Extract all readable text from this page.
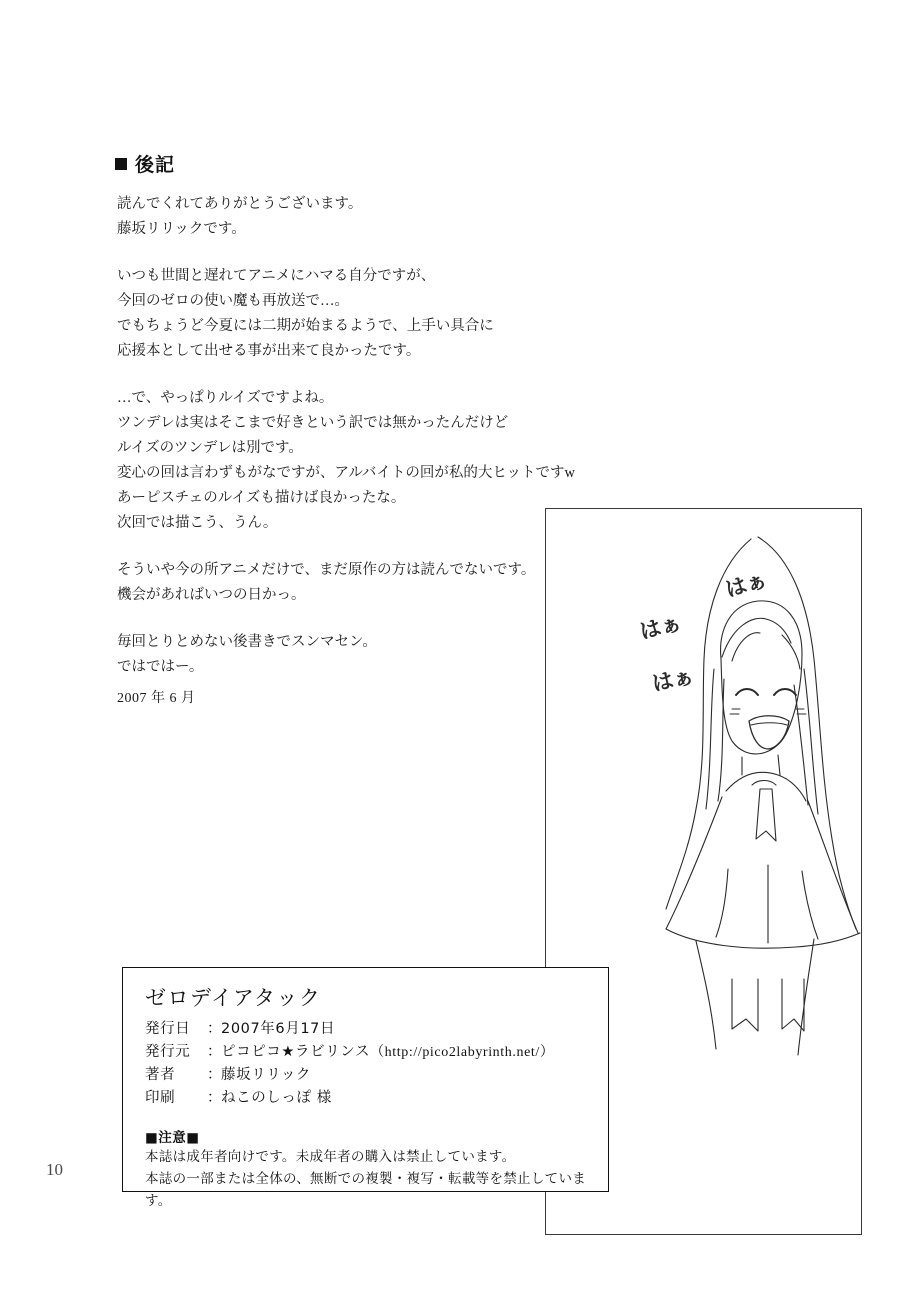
後記
読んでくれてありがとうございます。
藤坂リリックです。
いつも世間と遅れてアニメにハマる自分ですが、
今回のゼロの使い魔も再放送で…。
でもちょうど今夏には二期が始まるようで、上手い具合に
応援本として出せる事が出来て良かったです。
…で、やっぱりルイズですよね。
ツンデレは実はそこまで好きという訳では無かったんだけど
ルイズのツンデレは別です。
変心の回は言わずもがなですが、アルバイトの回が私的大ヒットですw
あーピスチェのルイズも描けば良かったな。
次回では描こう、うん。
そういや今の所アニメだけで、まだ原作の方は読んでないです。
機会があればいつの日かっ。
毎回とりとめない後書きでスンマセン。
ではではー。
2007 年 6 月
はぁ
はぁ
はぁ
ゼロデイアタック
発行日	：
2007年6月17日
発行元	：
ピコピコ★ラビリンス（http://pico2labyrinth.net/）
著者	：
藤坂リリック
印刷	：
ねこのしっぽ 様
■注意■
本誌は成年者向けです。未成年者の購入は禁止しています。
本誌の一部または全体の、無断での複製・複写・転載等を禁止しています。
10
